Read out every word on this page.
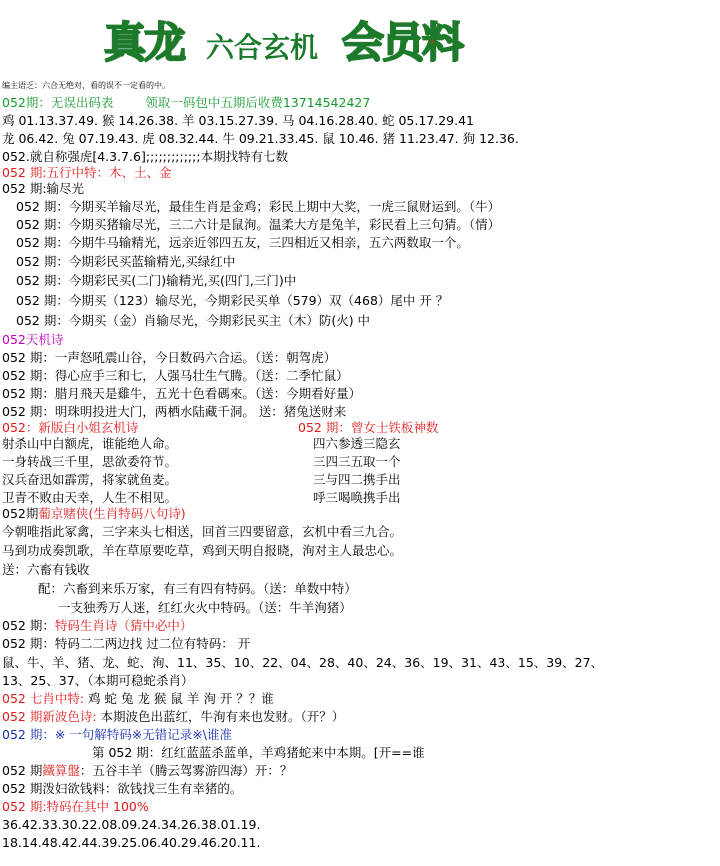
真龙 六合玄机 会员料
编主语乏：六合无绝对，看的误不一定看的中。
052期：无误出码表	领取一码包中五期后收费13714542427
鸡 01.13.37.49. 猴 14.26.38. 羊 03.15.27.39. 马 04.16.28.40. 蛇 05.17.29.41
龙 06.42. 兔 07.19.43. 虎 08.32.44. 牛 09.21.33.45. 鼠 10.46. 猪 11.23.47. 狗 12.36.
052.就自称强虎[4.3.7.6];;;;;;;;;;;;;本期找特有七数
052 期:五行中特：木、土、金
052 期:输尽光
052 期：今期买羊输尽光，最佳生肖是金鸡；彩民上期中大奖，一虎三鼠财运到。（牛）
052 期：今期买猪输尽光，三二六计是鼠洵。温柔大方是兔羊，彩民看上三句猜。（情）
052 期：今期牛马输精光，远亲近邻四五友，三四相近又相亲，五六两数取一个。
052 期：今期彩民买蓝输精光,买绿红中
052 期：今期彩民买(二门)输精光,买(四门,三门)中
052 期：今期买（123）输尽光，今期彩民买单（579）双（468）尾中 开 ？
052 期：今期买（金）肖输尽光，今期彩民买主（木）防(火) 中
052天机诗
052 期：一声怒吼震山谷，今日数码六合运。（送：朝驾虎）
052 期：得心应手三和七，人强马壮生气腾。（送：二季忙鼠）
052 期：腊月飛天是雞牛，五光十色看碼來。（送：今期看好量）
052 期：明珠明投进大门，两栖水陆藏千洞。 送：猪兔送财来
052：新版白小姐玄机诗	052 期：曾女士铁板神数
射杀山中白额虎，谁能绝人命。
一身转战三千里，思欲委符节。
汉兵奋迅如霹雳，将家就鱼麦。
卫青不败由天幸，人生不相见。
四六参透三隐玄
三四三五取一个
三与四二携手出
呼三喝唤携手出
052期葡京赌侠(生肖特码八句诗)
今朝唯指此冢禽，三字来头七相送，回首三四要留意，玄机中看三九合。
马到功成奏凯歌，羊在草原要吃草，鸡到天明自报晓，洵对主人最忠心。
送：六畜有钱收
配：六畜到来乐万家，有三有四有特码。（送：单数中特）
一支独秀万人迷，红红火火中特码。（送：牛羊洵猪）
052 期：特码生肖诗（猜中必中）
052 期：特码二二两边找 过二位有特码： 开
鼠、牛、羊、猪、龙、蛇、洵、11、35、10、22、04、28、40、24、36、19、31、43、15、39、27、
13、25、37、（本期可稳蛇杀肖）
052 七肖中特: 鸡 蛇 兔 龙 猴 鼠 羊 洵 开 ？？谁
052 期新波色诗: 本期波色出蓝红，牛洵有来也发财。（开？）
052 期：※ 一句解特码※无错记录※\谁准
第 052 期：红红蓝蓝杀蓝单，羊鸡猪蛇来中本期。[开==谁
052 期鐵算盤：五谷丰羊（腾云驾雾游四海）开：？
052 期泼妇欲钱料：欲钱找三生有幸猪的。
052 期:特码在其中 100%
36.42.33.30.22.08.09.24.34.26.38.01.19.
18.14.48.42.44.39.25.06.40.29.46.20.11.
